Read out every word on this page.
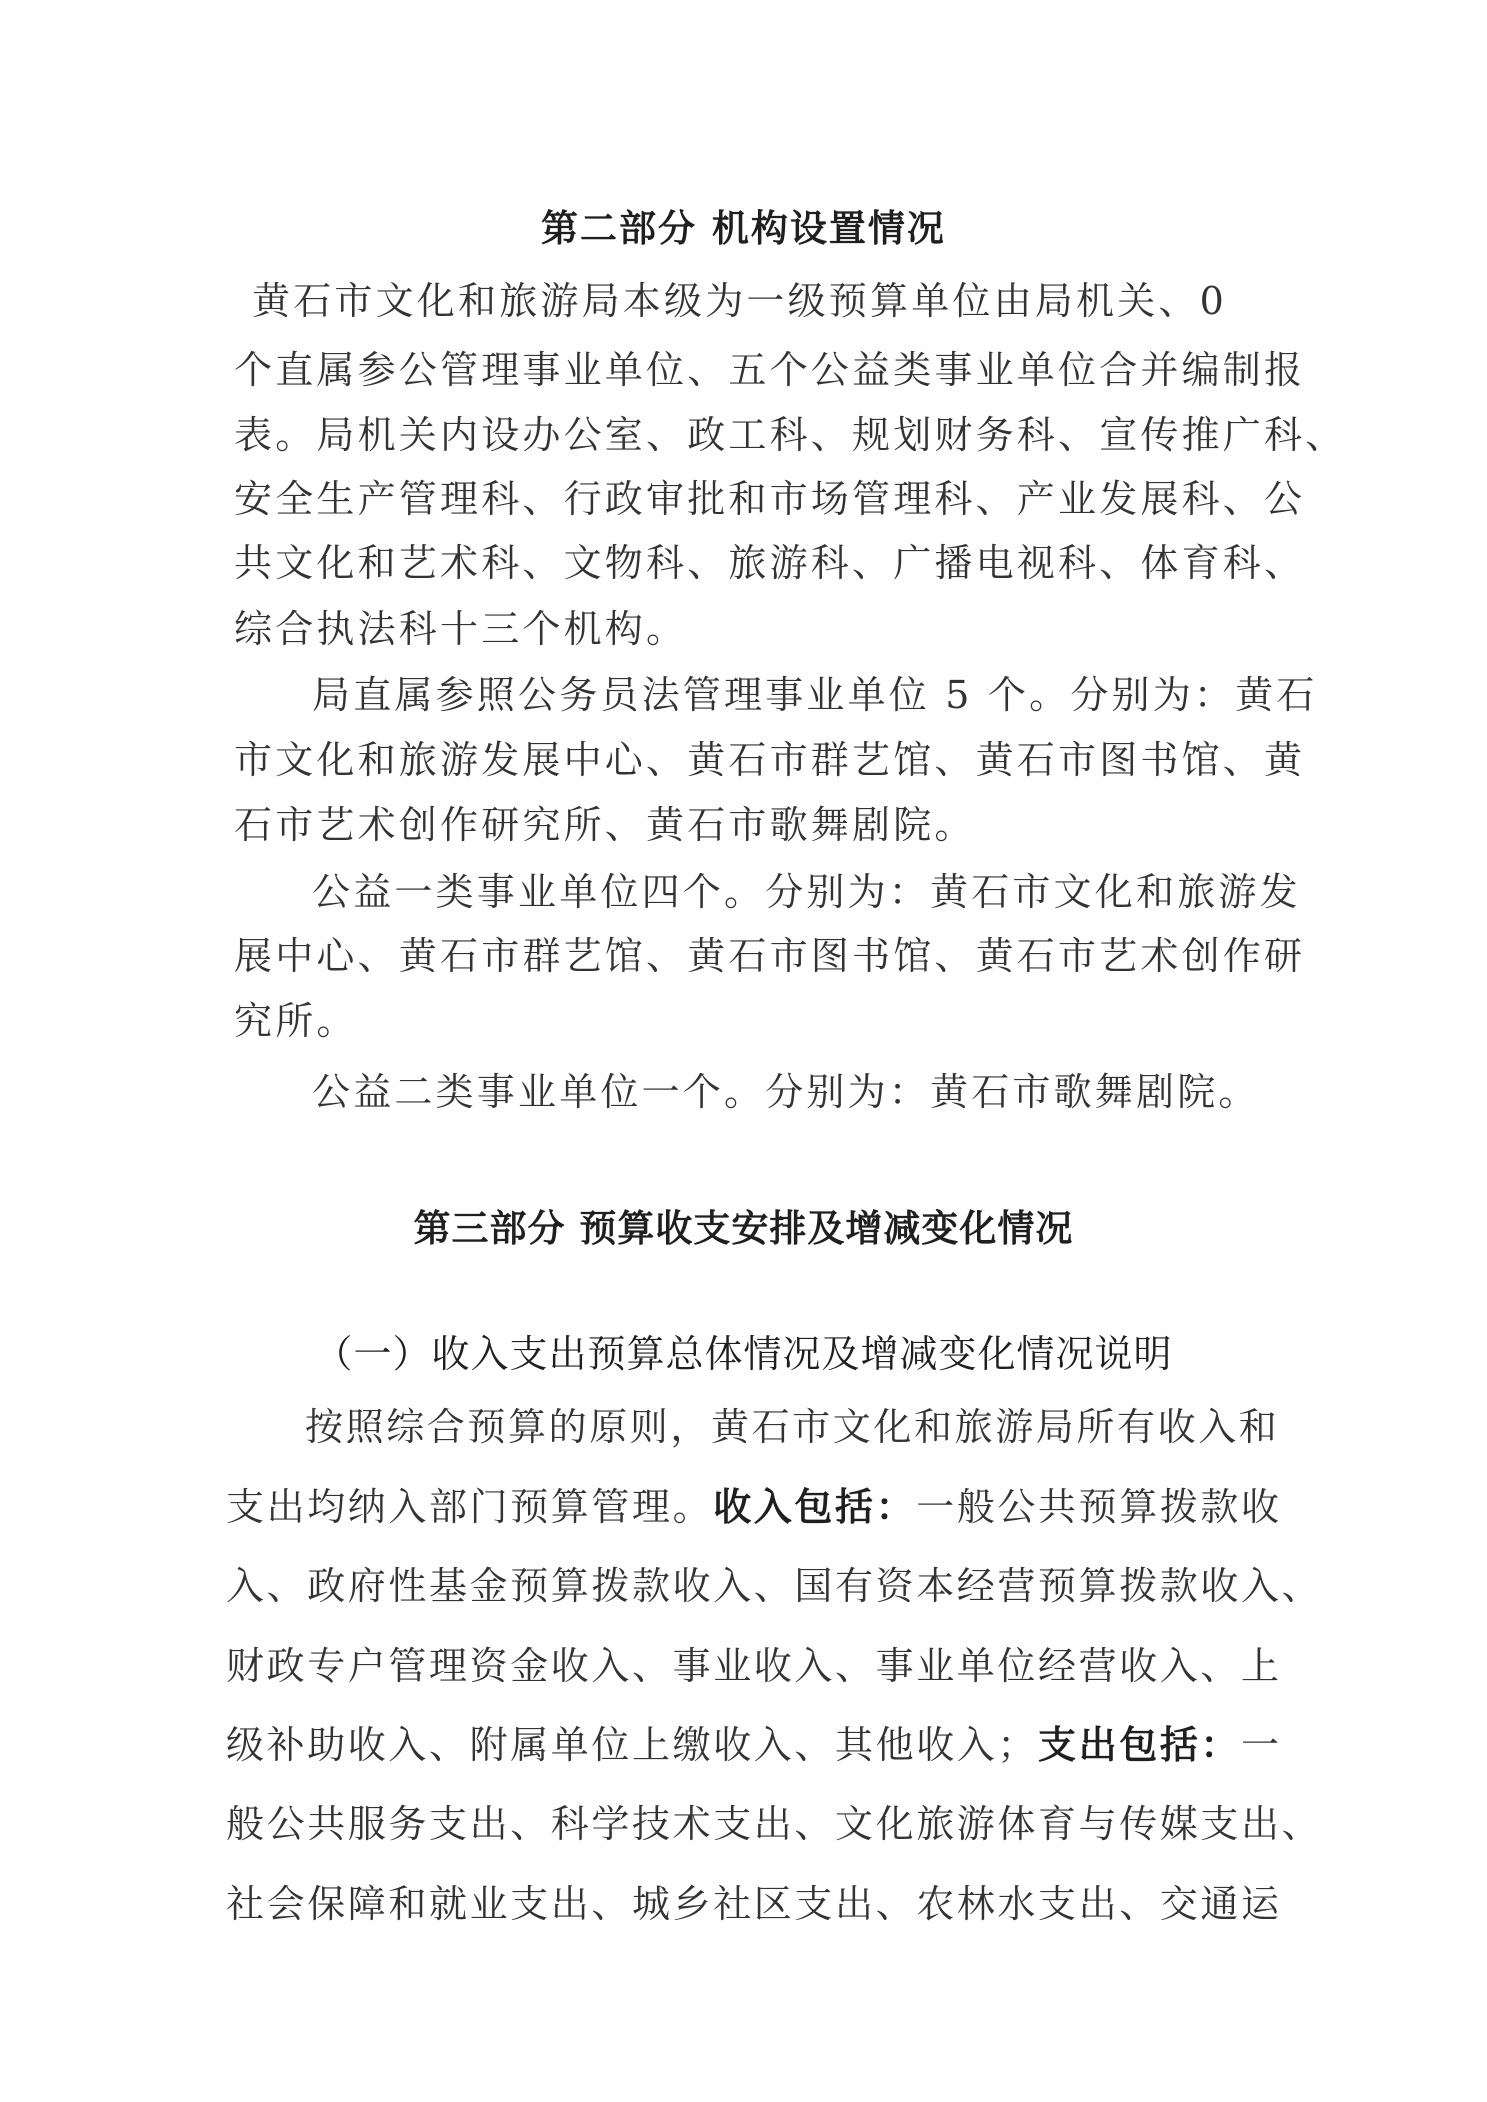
第二部分 机构设置情况
黄石市文化和旅游局本级为一级预算单位由局机关、0
个直属参公管理事业单位、五个公益类事业单位合并编制报
表。局机关内设办公室、政工科、规划财务科、宣传推广科、
安全生产管理科、行政审批和市场管理科、产业发展科、公
共文化和艺术科、文物科、旅游科、广播电视科、体育科、
综合执法科十三个机构。
局直属参照公务员法管理事业单位 5 个。分别为：黄石
市文化和旅游发展中心、黄石市群艺馆、黄石市图书馆、黄
石市艺术创作研究所、黄石市歌舞剧院。
公益一类事业单位四个。分别为：黄石市文化和旅游发
展中心、黄石市群艺馆、黄石市图书馆、黄石市艺术创作研
究所。
公益二类事业单位一个。分别为：黄石市歌舞剧院。
第三部分 预算收支安排及增减变化情况
（一）收入支出预算总体情况及增减变化情况说明
按照综合预算的原则，黄石市文化和旅游局所有收入和
支出均纳入部门预算管理。收入包括：一般公共预算拨款收
入、政府性基金预算拨款收入、国有资本经营预算拨款收入、
财政专户管理资金收入、事业收入、事业单位经营收入、上
级补助收入、附属单位上缴收入、其他收入；支出包括：一
般公共服务支出、科学技术支出、文化旅游体育与传媒支出、
社会保障和就业支出、城乡社区支出、农林水支出、交通运
